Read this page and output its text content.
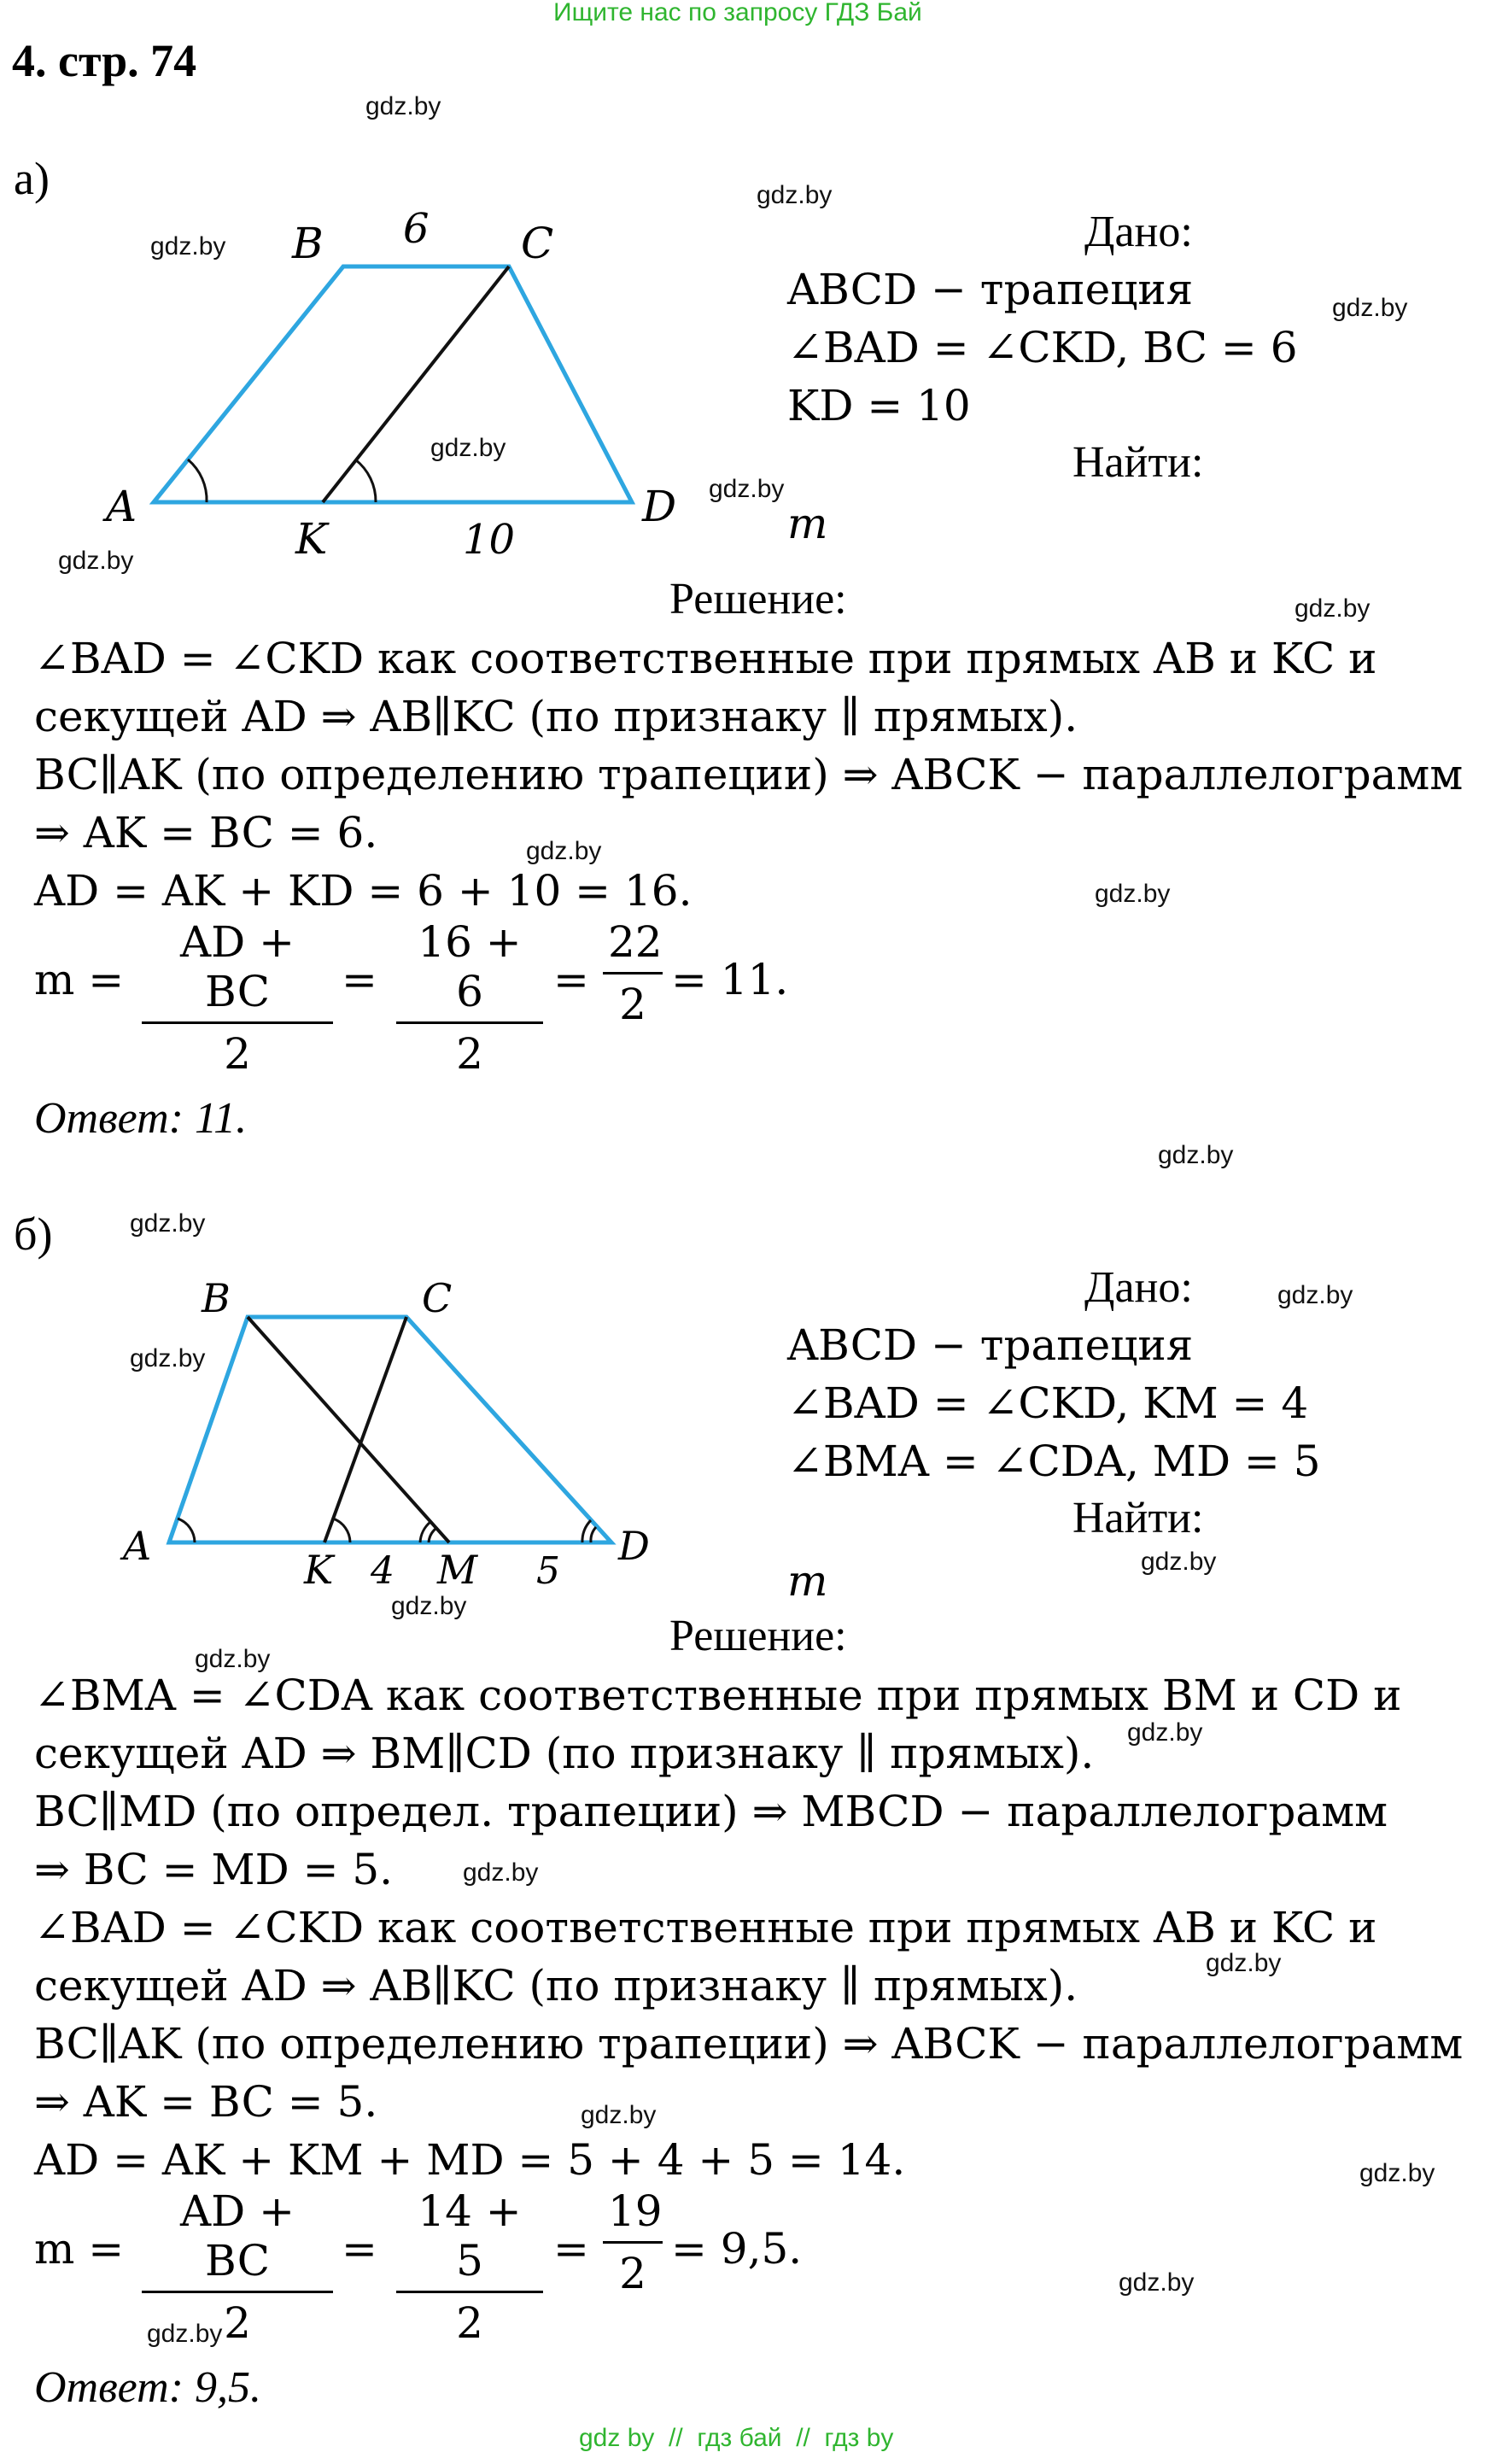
Ищите нас по запросу ГДЗ Бай
4. стр. 74
gdz.by
gdz.by
gdz.by
gdz.by
gdz.by
gdz.by
gdz.by
gdz.by
gdz.by
gdz.by
gdz.by
gdz.by
gdz.by
gdz.by
gdz.by
gdz.by
gdz.by
gdz.by
gdz.by
gdz.by
gdz.by
gdz.by
gdz.by
gdz.by
а)
B	C
A	D
K
6
10
Дано:
ABCD − трапеция
∠BAD = ∠CKD, BC = 6
KD = 10
Найти:
m
Решение:
∠BAD = ∠CKD как соответственные при прямых AB и KC и
секущей AD ⇒ AB∥KC (по признаку ∥ прямых).
BC∥AK (по определению трапеции) ⇒ ABCK − параллелограмм
⇒ AK = BC = 6.
AD = AK + KD = 6 + 10 = 16.
$m = \frac{AD + BC}{2} = \frac{16 + 6}{2} = \frac{22}{2} = 11$.
Ответ: 11.
б)
B	C
A	D
K	M
4	5
Дано:
ABCD − трапеция
∠BAD = ∠CKD, KM = 4
∠BMA = ∠CDA, MD = 5
Найти:
m
Решение:
∠BMA = ∠CDA как соответственные при прямых BM и CD и
секущей AD ⇒ BM∥CD (по признаку ∥ прямых).
BC∥MD (по определ. трапеции) ⇒ MBCD − параллелограмм
⇒ BC = MD = 5.
∠BAD = ∠CKD как соответственные при прямых AB и KC и
секущей AD ⇒ AB∥KC (по признаку ∥ прямых).
BC∥AK (по определению трапеции) ⇒ ABCK − параллелограмм
⇒ AK = BC = 5.
AD = AK + KM + MD = 5 + 4 + 5 = 14.
$m = \frac{AD + BC}{2} = \frac{14 + 5}{2} = \frac{19}{2} = 9,5$.
Ответ: 9,5.
gdz by  //  гдз бай  //  гдз by
